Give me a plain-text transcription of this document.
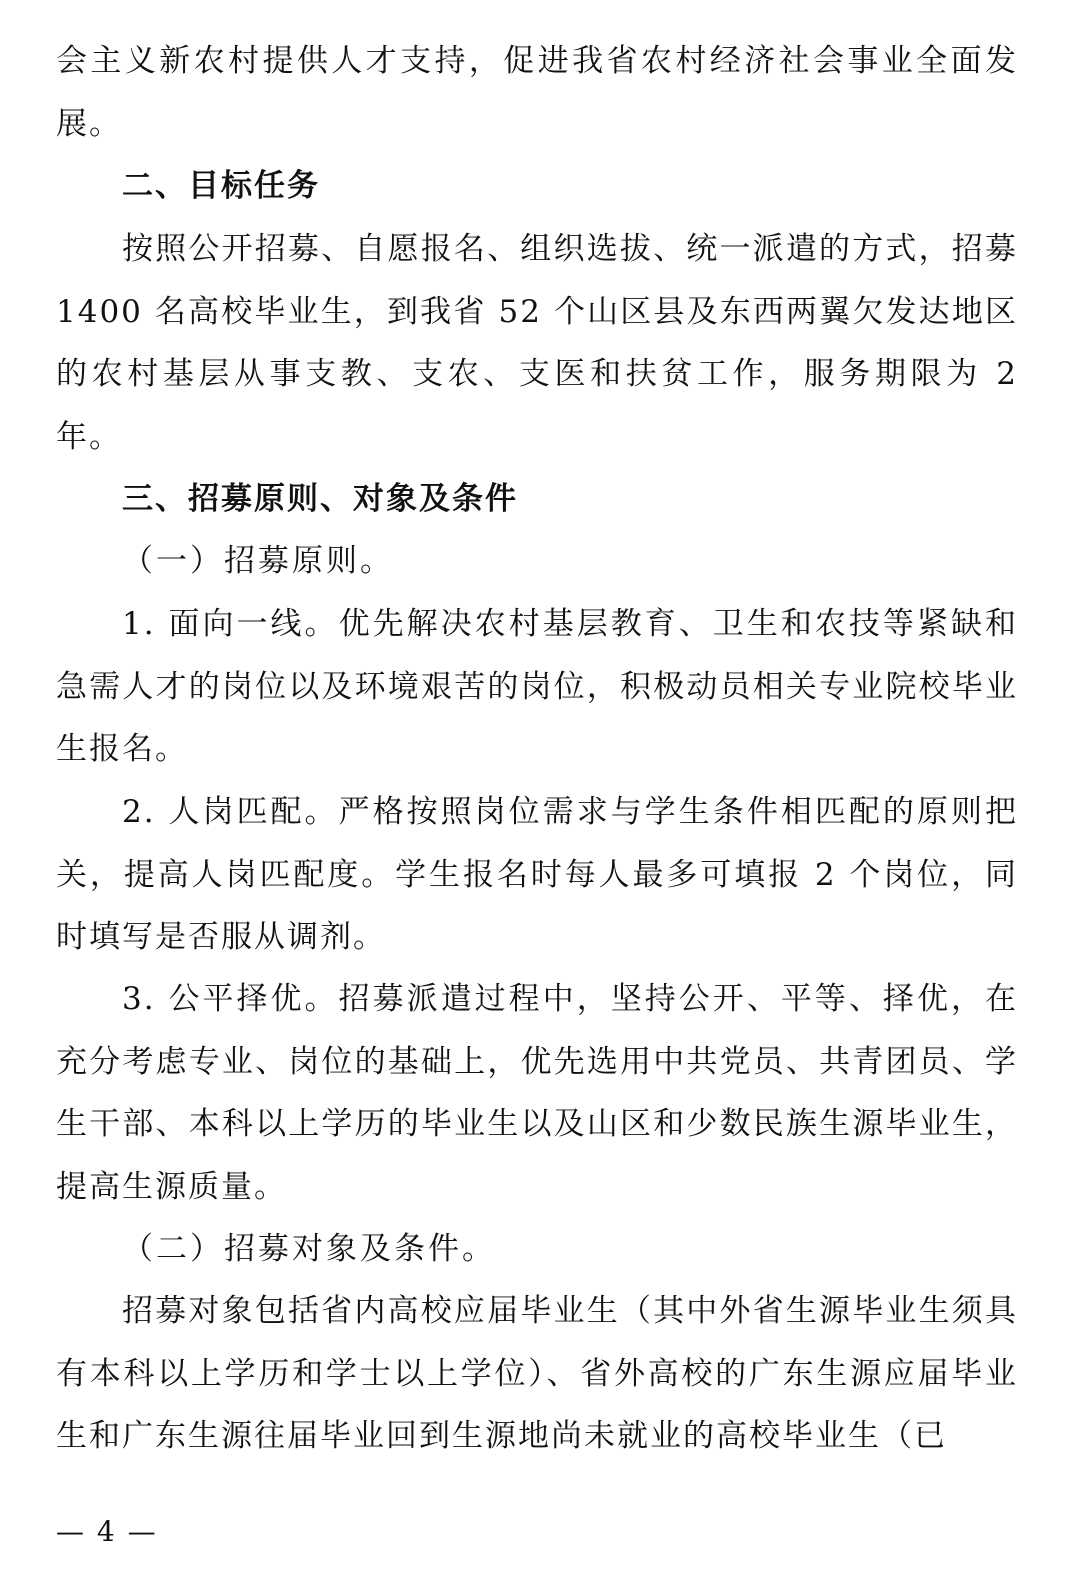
会主义新农村提供人才支持，促进我省农村经济社会事业全面发展。

二、目标任务

按照公开招募、自愿报名、组织选拔、统一派遣的方式，招募 1400 名高校毕业生，到我省 52 个山区县及东西两翼欠发达地区的农村基层从事支教、支农、支医和扶贫工作，服务期限为 2 年。

三、招募原则、对象及条件

（一）招募原则。

1. 面向一线。优先解决农村基层教育、卫生和农技等紧缺和急需人才的岗位以及环境艰苦的岗位，积极动员相关专业院校毕业生报名。

2. 人岗匹配。严格按照岗位需求与学生条件相匹配的原则把关，提高人岗匹配度。学生报名时每人最多可填报 2 个岗位，同时填写是否服从调剂。

3. 公平择优。招募派遣过程中，坚持公开、平等、择优，在充分考虑专业、岗位的基础上，优先选用中共党员、共青团员、学生干部、本科以上学历的毕业生以及山区和少数民族生源毕业生，提高生源质量。

（二）招募对象及条件。

招募对象包括省内高校应届毕业生（其中外省生源毕业生须具有本科以上学历和学士以上学位）、省外高校的广东生源应届毕业生和广东生源往届毕业回到生源地尚未就业的高校毕业生（已

— 4 —
